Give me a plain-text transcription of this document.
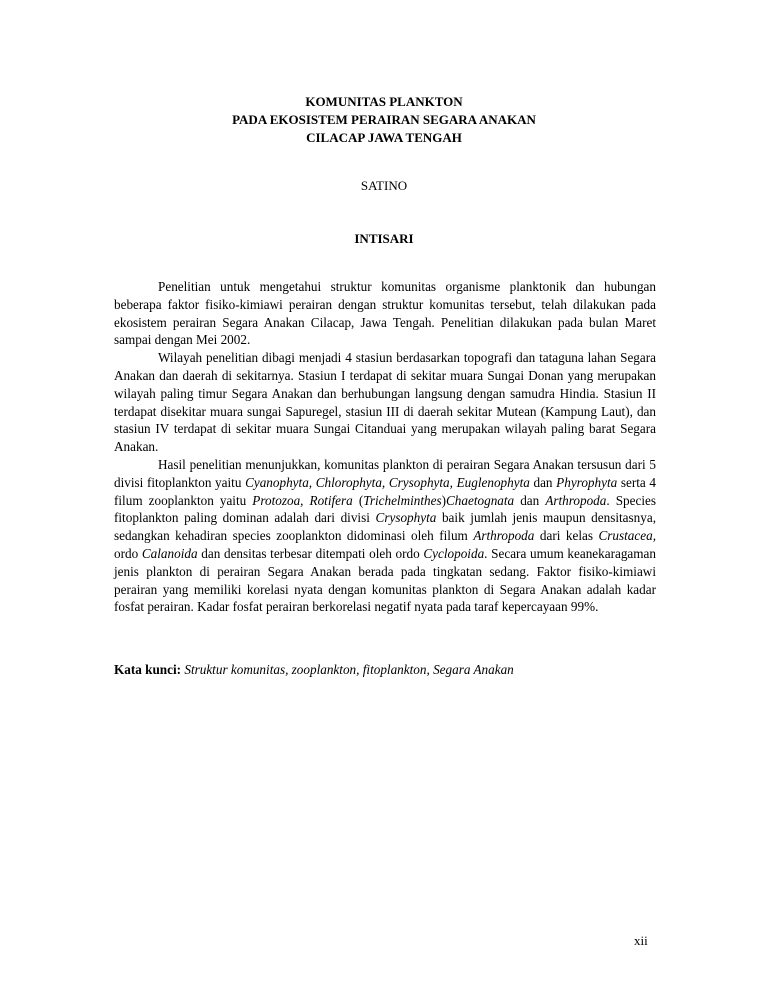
KOMUNITAS PLANKTON
PADA EKOSISTEM PERAIRAN SEGARA ANAKAN
CILACAP JAWA TENGAH
SATINO
INTISARI

Penelitian untuk mengetahui struktur komunitas organisme planktonik dan hubungan beberapa faktor fisiko-kimiawi perairan dengan struktur komunitas tersebut, telah dilakukan pada ekosistem perairan Segara Anakan Cilacap, Jawa Tengah. Penelitian dilakukan pada bulan Maret sampai dengan Mei 2002.

Wilayah penelitian dibagi menjadi 4 stasiun berdasarkan topografi dan tataguna lahan Segara Anakan dan daerah di sekitarnya. Stasiun I terdapat di sekitar muara Sungai Donan yang merupakan wilayah paling timur Segara Anakan dan berhubungan langsung dengan samudra Hindia. Stasiun II terdapat disekitar muara sungai Sapuregel, stasiun III di daerah sekitar Mutean (Kampung Laut), dan stasiun IV terdapat di sekitar muara Sungai Citanduai yang merupakan wilayah paling barat Segara Anakan.

Hasil penelitian menunjukkan, komunitas plankton di perairan Segara Anakan tersusun dari 5 divisi fitoplankton yaitu Cyanophyta, Chlorophyta, Crysophyta, Euglenophyta dan Phyrophyta serta 4 filum zooplankton yaitu Protozoa, Rotifera (Trichelminthes)Chaetognata dan Arthropoda. Species fitoplankton paling dominan adalah dari divisi Crysophyta baik jumlah jenis maupun densitasnya, sedangkan kehadiran species zooplankton didominasi oleh filum Arthropoda dari kelas Crustacea, ordo Calanoida dan densitas terbesar ditempati oleh ordo Cyclopoida. Secara umum keanekaragaman jenis plankton di perairan Segara Anakan berada pada tingkatan sedang. Faktor fisiko-kimiawi perairan yang memiliki korelasi nyata dengan komunitas plankton di Segara Anakan adalah kadar fosfat perairan. Kadar fosfat perairan berkorelasi negatif nyata pada taraf kepercayaan 99%.

Kata kunci: Struktur komunitas, zooplankton, fitoplankton, Segara Anakan
xii
